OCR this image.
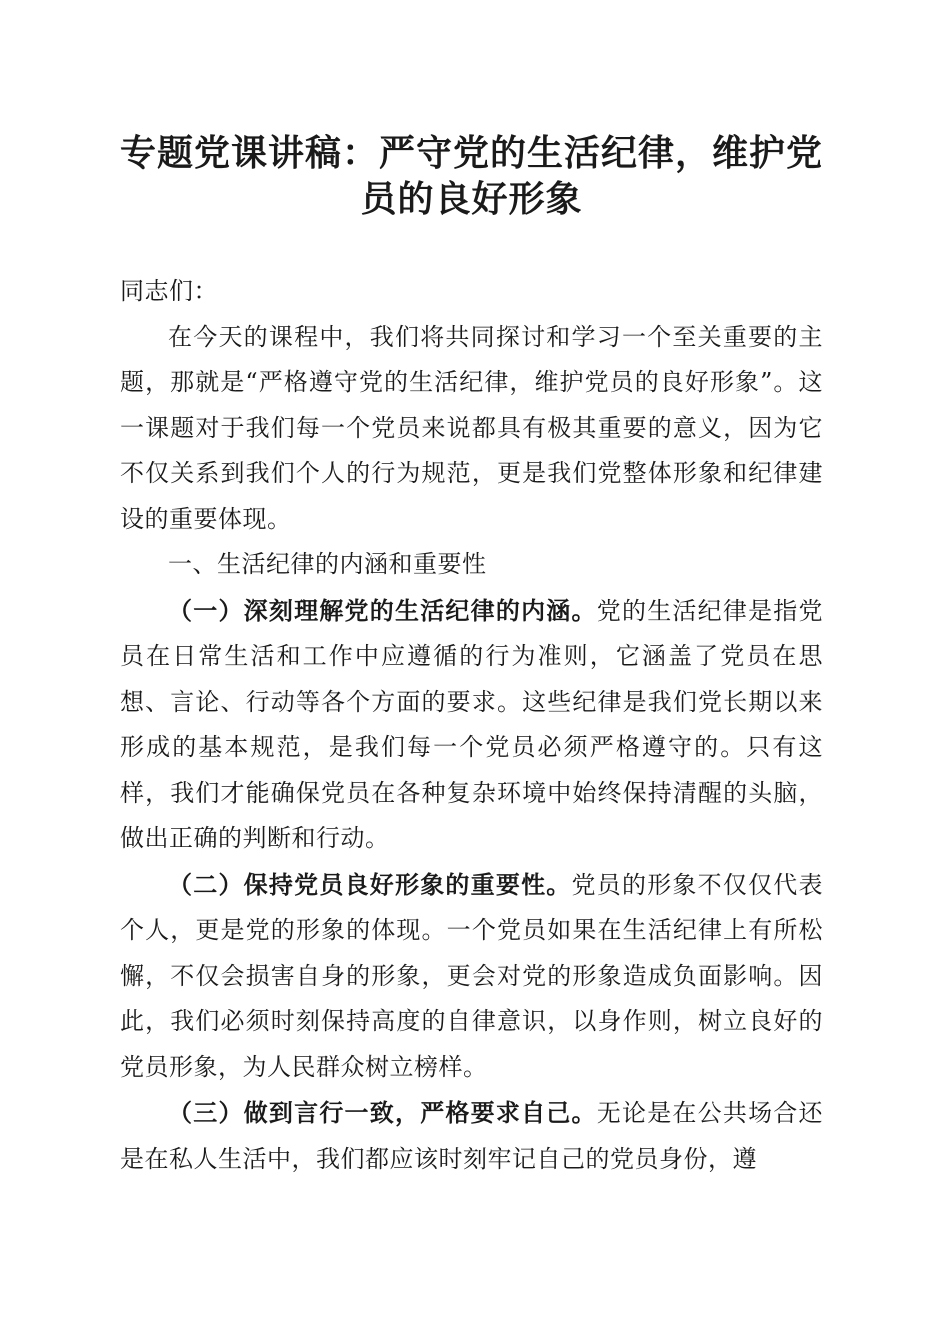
专题党课讲稿：严守党的生活纪律，维护党员的良好形象

同志们：

在今天的课程中，我们将共同探讨和学习一个至关重要的主题，那就是“严格遵守党的生活纪律，维护党员的良好形象”。这一课题对于我们每一个党员来说都具有极其重要的意义，因为它不仅关系到我们个人的行为规范，更是我们党整体形象和纪律建设的重要体现。

一、生活纪律的内涵和重要性

（一）深刻理解党的生活纪律的内涵。党的生活纪律是指党员在日常生活和工作中应遵循的行为准则，它涵盖了党员在思想、言论、行动等各个方面的要求。这些纪律是我们党长期以来形成的基本规范，是我们每一个党员必须严格遵守的。只有这样，我们才能确保党员在各种复杂环境中始终保持清醒的头脑，做出正确的判断和行动。

（二）保持党员良好形象的重要性。党员的形象不仅仅代表个人，更是党的形象的体现。一个党员如果在生活纪律上有所松懈，不仅会损害自身的形象，更会对党的形象造成负面影响。因此，我们必须时刻保持高度的自律意识，以身作则，树立良好的党员形象，为人民群众树立榜样。

（三）做到言行一致，严格要求自己。无论是在公共场合还是在私人生活中，我们都应该时刻牢记自己的党员身份，遵
